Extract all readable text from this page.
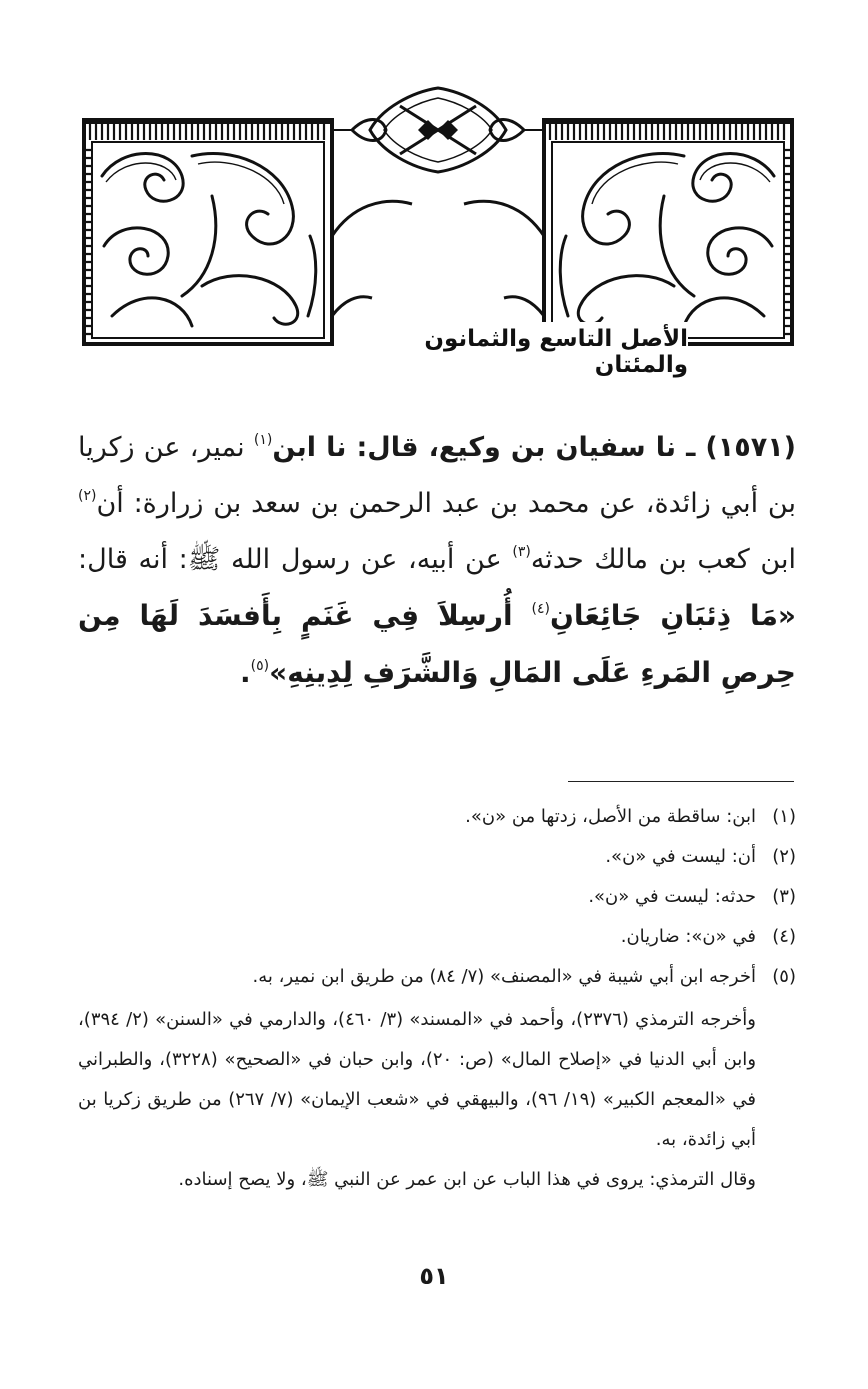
الأصل التاسع والثمانون والمئتان
(١٥٧١) ـ نا سفيان بن وكيع، قال: نا ابن$^{(١)}$ نمير، عن زكريا بن أبي زائدة، عن محمد بن عبد الرحمن بن سعد بن زرارة: أن$^{(٢)}$ ابن كعب بن مالك حدثه$^{(٣)}$ عن أبيه، عن رسول الله ﷺ: أنه قال: «مَا ذِئبَانِ جَائِعَانِ$^{(٤)}$ أُرسِلاَ فِي غَنَمٍ بِأَفسَدَ لَهَا مِن حِرصِ المَرءِ عَلَى المَالِ وَالشَّرَفِ لِدِينِهِ»$^{(٥)}$.
(١)
ابن: ساقطة من الأصل، زدتها من «ن».
(٢)
أن: ليست في «ن».
(٣)
حدثه: ليست في «ن».
(٤)
في «ن»: ضاريان.
(٥)
أخرجه ابن أبي شيبة في «المصنف» (٧/ ٨٤) من طريق ابن نمير، به.
وأخرجه الترمذي (٢٣٧٦)، وأحمد في «المسند» (٣/ ٤٦٠)، والدارمي في «السنن» (٢/ ٣٩٤)، وابن أبي الدنيا في «إصلاح المال» (ص: ٢٠)، وابن حبان في «الصحيح» (٣٢٢٨)، والطبراني في «المعجم الكبير» (١٩/ ٩٦)، والبيهقي في «شعب الإيمان» (٧/ ٢٦٧) من طريق زكريا بن أبي زائدة، به.
وقال الترمذي: يروى في هذا الباب عن ابن عمر عن النبي ﷺ، ولا يصح إسناده.
٥١
